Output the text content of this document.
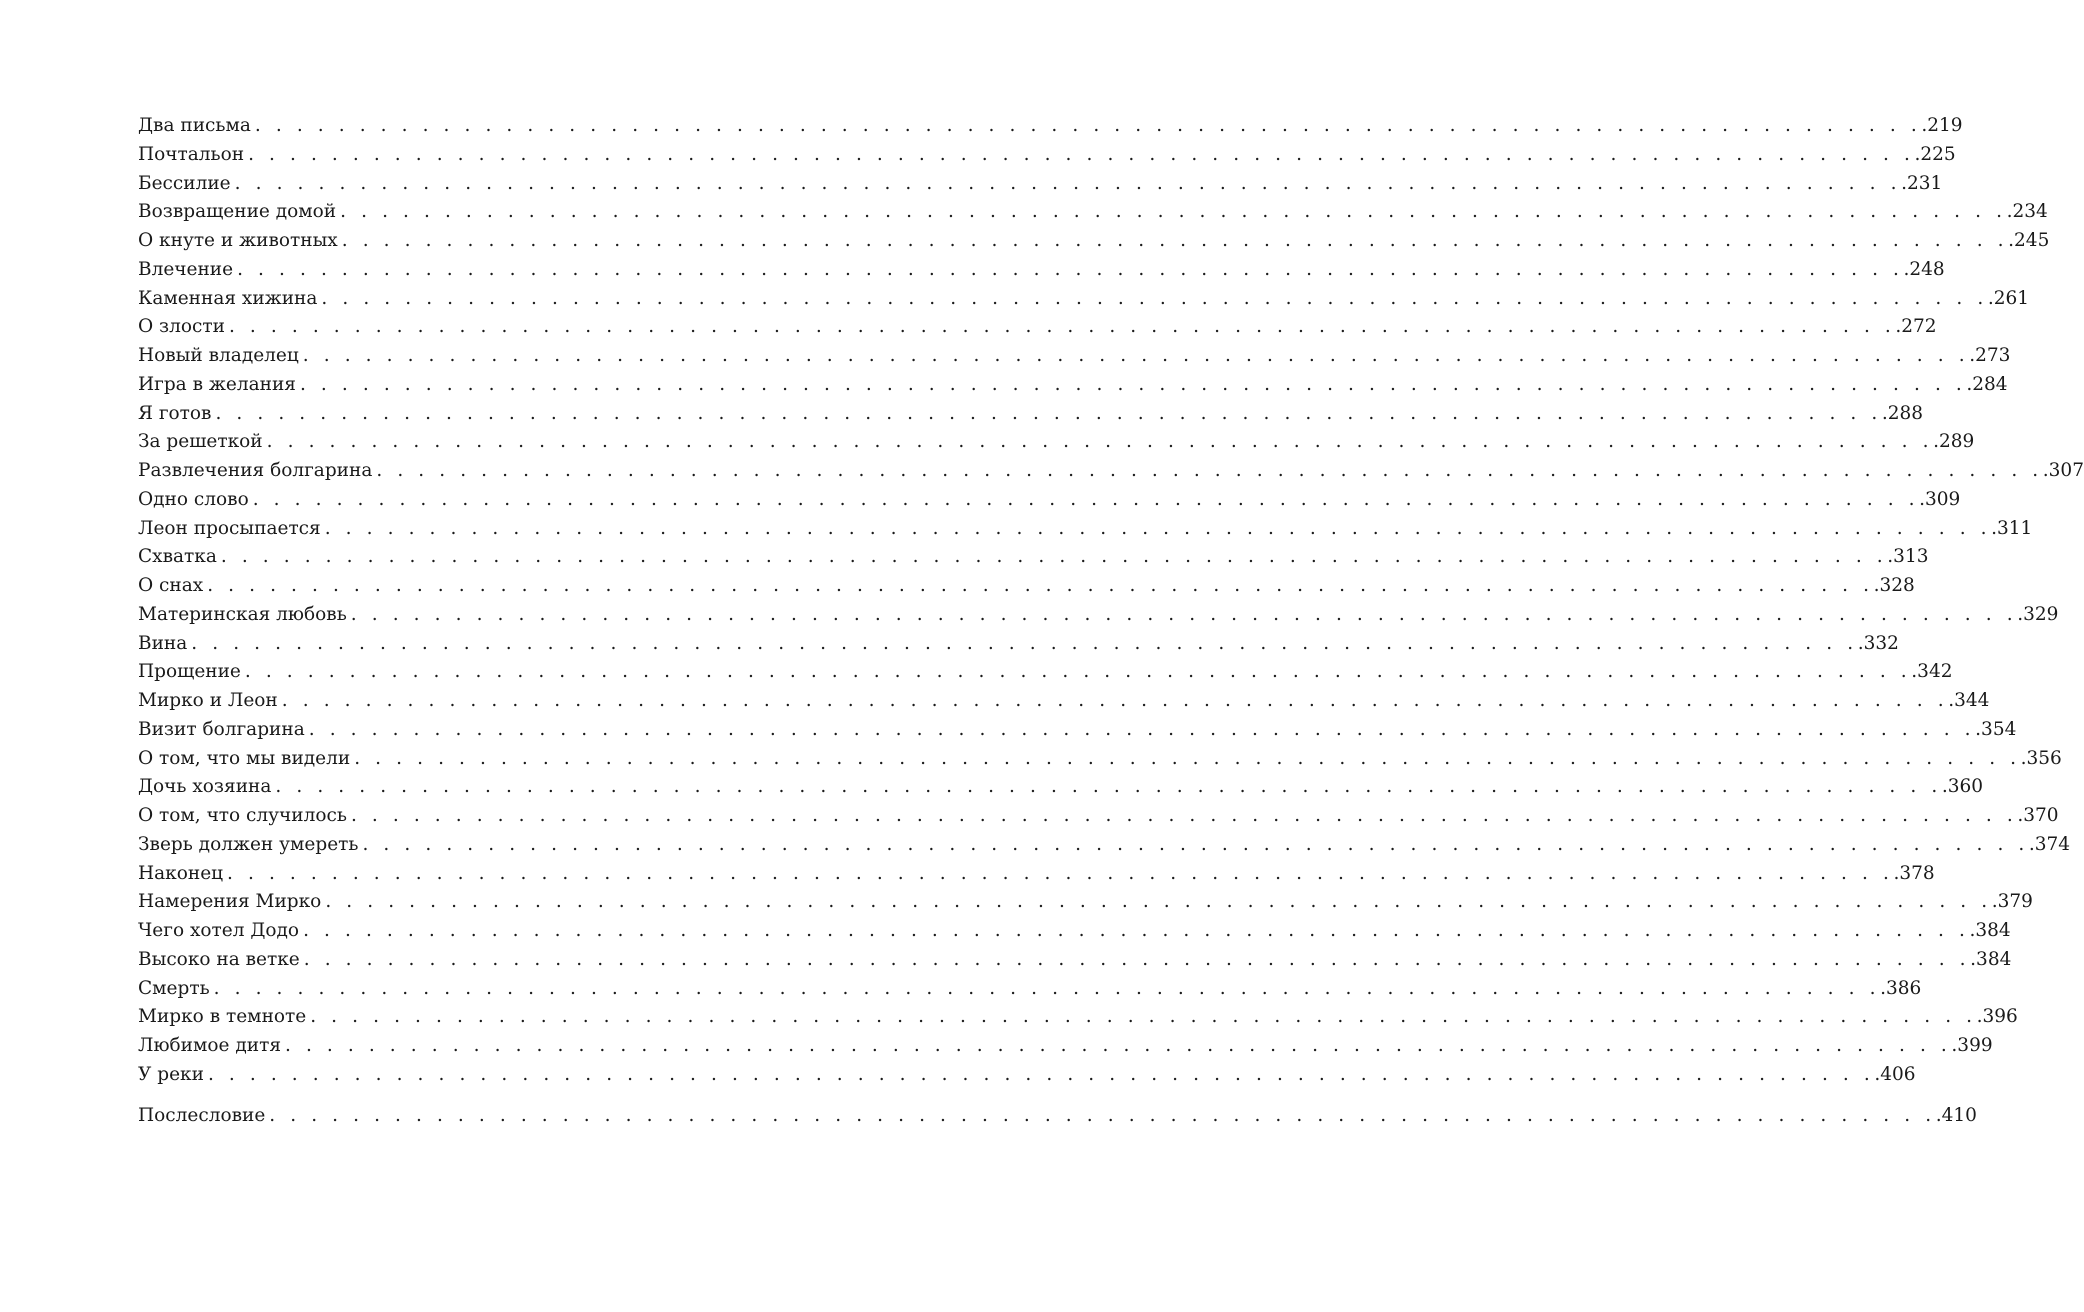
Два письма . . . . . . . . . . . . . . . . . . . . . . . . . . . . . . . . . . . . . . . . . . . . . . . . . . . . . . . . . . . . . . . . . . . . . . . . . . . . . . . . .219
Почтальон . . . . . . . . . . . . . . . . . . . . . . . . . . . . . . . . . . . . . . . . . . . . . . . . . . . . . . . . . . . . . . . . . . . . . . . . . . . . . . . . .225
Бессилие . . . . . . . . . . . . . . . . . . . . . . . . . . . . . . . . . . . . . . . . . . . . . . . . . . . . . . . . . . . . . . . . . . . . . . . . . . . . . . . . .231
Возвращение домой . . . . . . . . . . . . . . . . . . . . . . . . . . . . . . . . . . . . . . . . . . . . . . . . . . . . . . . . . . . . . . . . . . . . . . . . . . . . . . . . .234
О кнуте и животных . . . . . . . . . . . . . . . . . . . . . . . . . . . . . . . . . . . . . . . . . . . . . . . . . . . . . . . . . . . . . . . . . . . . . . . . . . . . . . . . .245
Влечение . . . . . . . . . . . . . . . . . . . . . . . . . . . . . . . . . . . . . . . . . . . . . . . . . . . . . . . . . . . . . . . . . . . . . . . . . . . . . . . . .248
Каменная хижина . . . . . . . . . . . . . . . . . . . . . . . . . . . . . . . . . . . . . . . . . . . . . . . . . . . . . . . . . . . . . . . . . . . . . . . . . . . . . . . . .261
О злости . . . . . . . . . . . . . . . . . . . . . . . . . . . . . . . . . . . . . . . . . . . . . . . . . . . . . . . . . . . . . . . . . . . . . . . . . . . . . . . . .272
Новый владелец . . . . . . . . . . . . . . . . . . . . . . . . . . . . . . . . . . . . . . . . . . . . . . . . . . . . . . . . . . . . . . . . . . . . . . . . . . . . . . . . .273
Игра в желания . . . . . . . . . . . . . . . . . . . . . . . . . . . . . . . . . . . . . . . . . . . . . . . . . . . . . . . . . . . . . . . . . . . . . . . . . . . . . . . . .284
Я готов . . . . . . . . . . . . . . . . . . . . . . . . . . . . . . . . . . . . . . . . . . . . . . . . . . . . . . . . . . . . . . . . . . . . . . . . . . . . . . . . .288
За решеткой . . . . . . . . . . . . . . . . . . . . . . . . . . . . . . . . . . . . . . . . . . . . . . . . . . . . . . . . . . . . . . . . . . . . . . . . . . . . . . . . .289
Развлечения болгарина . . . . . . . . . . . . . . . . . . . . . . . . . . . . . . . . . . . . . . . . . . . . . . . . . . . . . . . . . . . . . . . . . . . . . . . . . . . . . . . . .307
Одно слово . . . . . . . . . . . . . . . . . . . . . . . . . . . . . . . . . . . . . . . . . . . . . . . . . . . . . . . . . . . . . . . . . . . . . . . . . . . . . . . . .309
Леон просыпается . . . . . . . . . . . . . . . . . . . . . . . . . . . . . . . . . . . . . . . . . . . . . . . . . . . . . . . . . . . . . . . . . . . . . . . . . . . . . . . . .311
Схватка . . . . . . . . . . . . . . . . . . . . . . . . . . . . . . . . . . . . . . . . . . . . . . . . . . . . . . . . . . . . . . . . . . . . . . . . . . . . . . . . .313
О снах . . . . . . . . . . . . . . . . . . . . . . . . . . . . . . . . . . . . . . . . . . . . . . . . . . . . . . . . . . . . . . . . . . . . . . . . . . . . . . . . .328
Материнская любовь . . . . . . . . . . . . . . . . . . . . . . . . . . . . . . . . . . . . . . . . . . . . . . . . . . . . . . . . . . . . . . . . . . . . . . . . . . . . . . . . .329
Вина . . . . . . . . . . . . . . . . . . . . . . . . . . . . . . . . . . . . . . . . . . . . . . . . . . . . . . . . . . . . . . . . . . . . . . . . . . . . . . . . .332
Прощение . . . . . . . . . . . . . . . . . . . . . . . . . . . . . . . . . . . . . . . . . . . . . . . . . . . . . . . . . . . . . . . . . . . . . . . . . . . . . . . . .342
Мирко и Леон . . . . . . . . . . . . . . . . . . . . . . . . . . . . . . . . . . . . . . . . . . . . . . . . . . . . . . . . . . . . . . . . . . . . . . . . . . . . . . . . .344
Визит болгарина . . . . . . . . . . . . . . . . . . . . . . . . . . . . . . . . . . . . . . . . . . . . . . . . . . . . . . . . . . . . . . . . . . . . . . . . . . . . . . . . .354
О том, что мы видели . . . . . . . . . . . . . . . . . . . . . . . . . . . . . . . . . . . . . . . . . . . . . . . . . . . . . . . . . . . . . . . . . . . . . . . . . . . . . . . . .356
Дочь хозяина . . . . . . . . . . . . . . . . . . . . . . . . . . . . . . . . . . . . . . . . . . . . . . . . . . . . . . . . . . . . . . . . . . . . . . . . . . . . . . . . .360
О том, что случилось . . . . . . . . . . . . . . . . . . . . . . . . . . . . . . . . . . . . . . . . . . . . . . . . . . . . . . . . . . . . . . . . . . . . . . . . . . . . . . . . .370
Зверь должен умереть . . . . . . . . . . . . . . . . . . . . . . . . . . . . . . . . . . . . . . . . . . . . . . . . . . . . . . . . . . . . . . . . . . . . . . . . . . . . . . . . .374
Наконец . . . . . . . . . . . . . . . . . . . . . . . . . . . . . . . . . . . . . . . . . . . . . . . . . . . . . . . . . . . . . . . . . . . . . . . . . . . . . . . . .378
Намерения Мирко . . . . . . . . . . . . . . . . . . . . . . . . . . . . . . . . . . . . . . . . . . . . . . . . . . . . . . . . . . . . . . . . . . . . . . . . . . . . . . . . .379
Чего хотел Додо . . . . . . . . . . . . . . . . . . . . . . . . . . . . . . . . . . . . . . . . . . . . . . . . . . . . . . . . . . . . . . . . . . . . . . . . . . . . . . . . .384
Высоко на ветке . . . . . . . . . . . . . . . . . . . . . . . . . . . . . . . . . . . . . . . . . . . . . . . . . . . . . . . . . . . . . . . . . . . . . . . . . . . . . . . . .384
Смерть . . . . . . . . . . . . . . . . . . . . . . . . . . . . . . . . . . . . . . . . . . . . . . . . . . . . . . . . . . . . . . . . . . . . . . . . . . . . . . . . .386
Мирко в темноте . . . . . . . . . . . . . . . . . . . . . . . . . . . . . . . . . . . . . . . . . . . . . . . . . . . . . . . . . . . . . . . . . . . . . . . . . . . . . . . . .396
Любимое дитя . . . . . . . . . . . . . . . . . . . . . . . . . . . . . . . . . . . . . . . . . . . . . . . . . . . . . . . . . . . . . . . . . . . . . . . . . . . . . . . . .399
У реки . . . . . . . . . . . . . . . . . . . . . . . . . . . . . . . . . . . . . . . . . . . . . . . . . . . . . . . . . . . . . . . . . . . . . . . . . . . . . . . . .406
Послесловие . . . . . . . . . . . . . . . . . . . . . . . . . . . . . . . . . . . . . . . . . . . . . . . . . . . . . . . . . . . . . . . . . . . . . . . . . . . . . . . . .410
